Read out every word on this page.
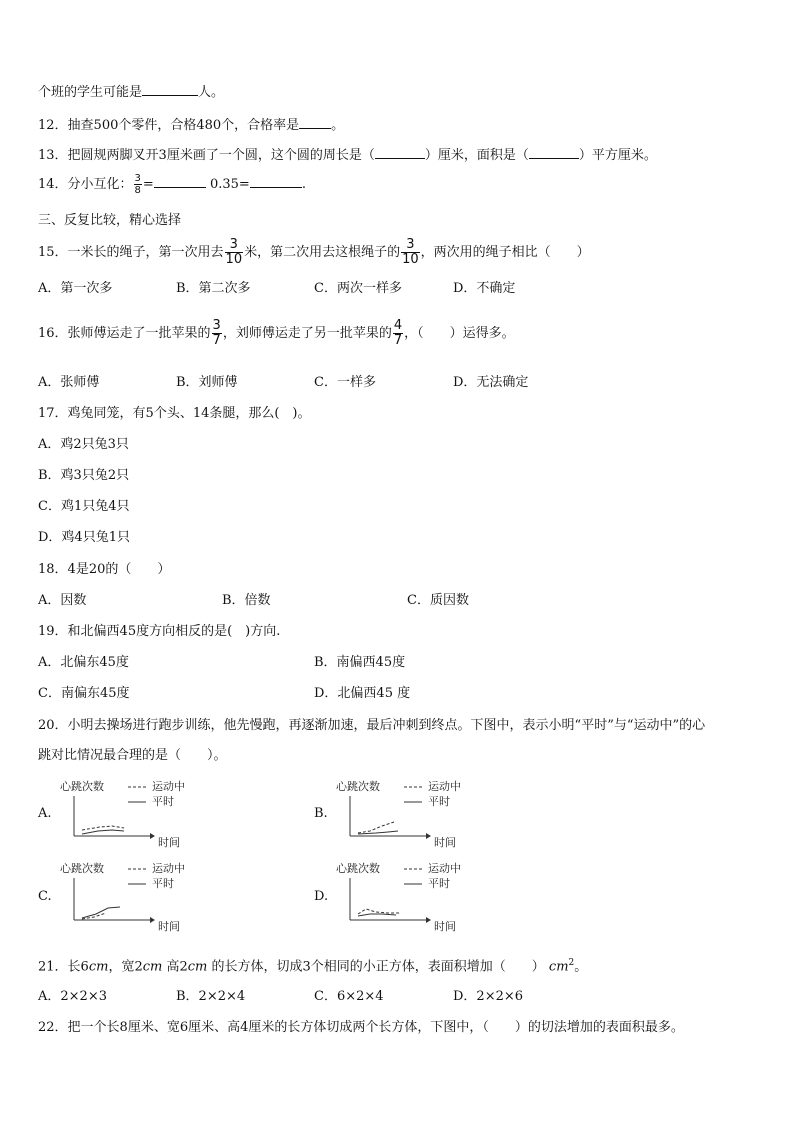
个班的学生可能是	人。
12．抽查500个零件，合格480个，合格率是 。
13．把圆规两脚叉开3厘米画了一个圆，这个圆的周长是（	）厘米，面积是（	）平方厘米。
14．分小互化： $\frac{3}{8}$ =	0.35=	.
三、反复比较，精心选择
15．一米长的绳子，第一次用去 $\frac{3}{10}$ 米，第二次用去这根绳子的 $\frac{3}{10}$ ，两次用的绳子相比（　　）
A．第一次多	B．第二次多	C．两次一样多	D．不确定
16．张师傅运走了一批苹果的 $\frac{3}{7}$ ，刘师傅运走了另一批苹果的 $\frac{4}{7}$ ，（　　）运得多。
A．张师傅	B．刘师傅	C．一样多	D．无法确定
17．鸡兔同笼，有5个头、14条腿，那么(　)。
A．鸡2只兔3只
B．鸡3只兔2只
C．鸡1只兔4只
D．鸡4只兔1只
18．4是20的（　　）
A．因数	B．倍数	C．质因数
19．和北偏西45度方向相反的是(　)方向.
A．北偏东45度	B．南偏西45度
C．南偏东45度	D．北偏西45 度
20．小明去操场进行跑步训练，他先慢跑，再逐渐加速，最后冲刺到终点。下图中，表示小明“平时”与“运动中”的心
跳对比情况最合理的是（　　）。
A.
心跳次数	运动中
平时
时间
B.
心跳次数	运动中
平时
时间
C.
心跳次数	运动中
平时
时间
D.
心跳次数	运动中
平时
时间
21．长6cm，宽2cm 高2cm 的长方体，切成3个相同的小正方体，表面积增加（　　） $cm^2$。
A．2×2×3	B．2×2×4	C．6×2×4	D．2×2×6
22．把一个长8厘米、宽6厘米、高4厘米的长方体切成两个长方体，下图中，（　　）的切法增加的表面积最多。
